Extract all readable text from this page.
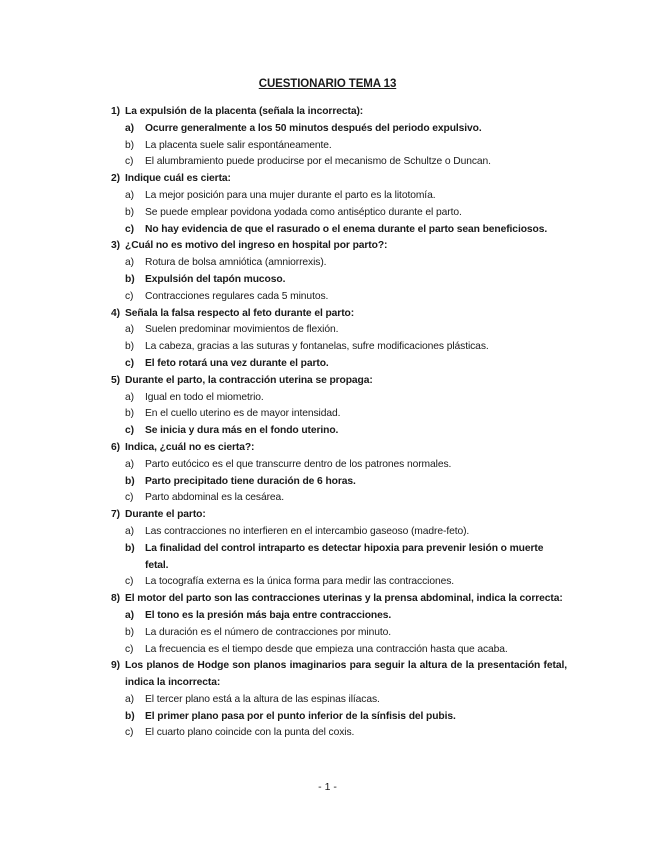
CUESTIONARIO TEMA 13
1) La expulsión de la placenta (señala la incorrecta):
a) Ocurre generalmente a los 50 minutos después del periodo expulsivo.
b) La placenta suele salir espontáneamente.
c) El alumbramiento puede producirse por el mecanismo de Schultze o Duncan.
2) Indique cuál es cierta:
a) La mejor posición para una mujer durante el parto es la litotomía.
b) Se puede emplear povidona yodada como antiséptico durante el parto.
c) No hay evidencia de que el rasurado o el enema durante el parto sean beneficiosos.
3) ¿Cuál no es motivo del ingreso en hospital por parto?:
a) Rotura de bolsa amniótica (amniorrexis).
b) Expulsión del tapón mucoso.
c) Contracciones regulares cada 5 minutos.
4) Señala la falsa respecto al feto durante el parto:
a) Suelen predominar movimientos de flexión.
b) La cabeza, gracias a las suturas y fontanelas, sufre modificaciones plásticas.
c) El feto rotará una vez durante el parto.
5) Durante el parto, la contracción uterina se propaga:
a) Igual en todo el miometrio.
b) En el cuello uterino es de mayor intensidad.
c) Se inicia y dura más en el fondo uterino.
6) Indica, ¿cuál no es cierta?:
a) Parto eutócico es el que transcurre dentro de los patrones normales.
b) Parto precipitado tiene duración de 6 horas.
c) Parto abdominal es la cesárea.
7) Durante el parto:
a) Las contracciones no interfieren en el intercambio gaseoso (madre-feto).
b) La finalidad del control intraparto es detectar hipoxia para prevenir lesión o muerte fetal.
c) La tocografía externa es la única forma para medir las contracciones.
8) El motor del parto son las contracciones uterinas y la prensa abdominal, indica la correcta:
a) El tono es la presión más baja entre contracciones.
b) La duración es el número de contracciones por minuto.
c) La frecuencia es el tiempo desde que empieza una contracción hasta que acaba.
9) Los planos de Hodge son planos imaginarios para seguir la altura de la presentación fetal, indica la incorrecta:
a) El tercer plano está a la altura de las espinas ilíacas.
b) El primer plano pasa por el punto inferior de la sínfisis del pubis.
c) El cuarto plano coincide con la punta del coxis.
- 1 -
